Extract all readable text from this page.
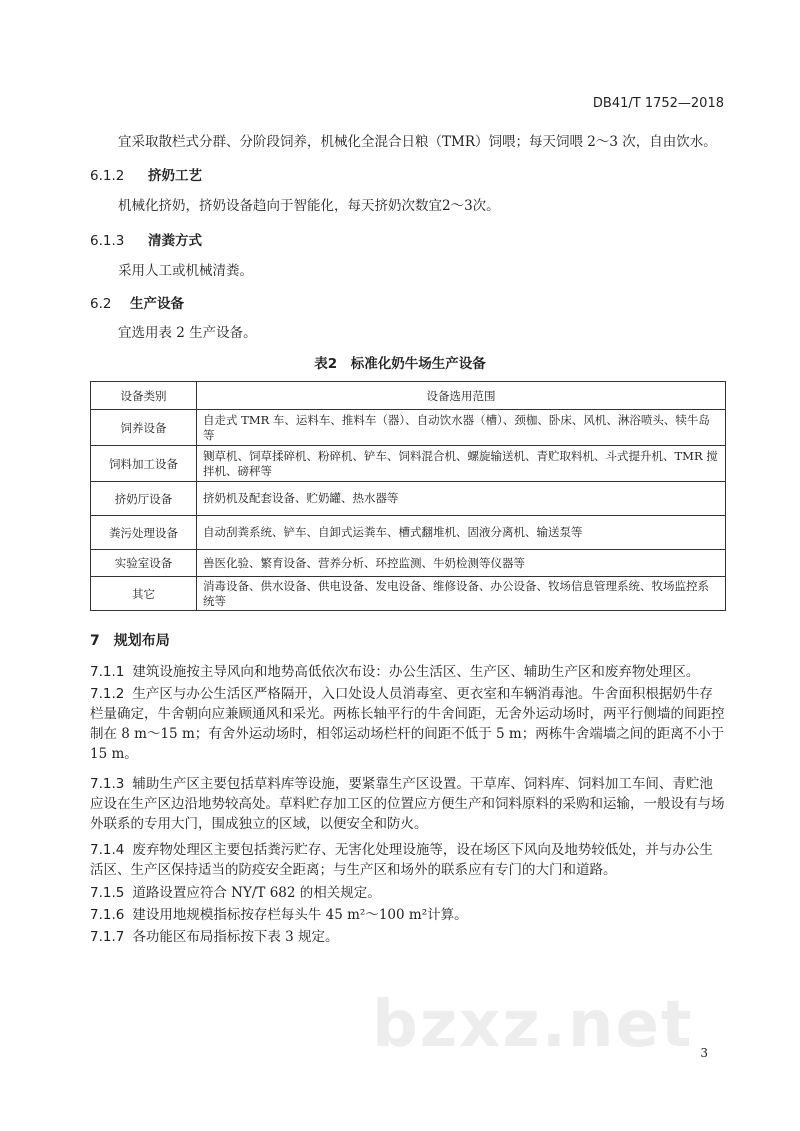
DB41/T 1752—2018
宜采取散栏式分群、分阶段饲养，机械化全混合日粮（TMR）饲喂；每天饲喂 2～3 次，自由饮水。
6.1.2 挤奶工艺
机械化挤奶，挤奶设备趋向于智能化，每天挤奶次数宜2～3次。
6.1.3 清粪方式
采用人工或机械清粪。
6.2 生产设备
宜选用表 2 生产设备。
表2　标准化奶牛场生产设备
设备类别	设备选用范围
饲养设备	自走式 TMR 车、运料车、推料车（器）、自动饮水器（槽）、颈枷、卧床、风机、淋浴喷头、犊牛岛等
饲料加工设备	铡草机、饲草揉碎机、粉碎机、铲车、饲料混合机、螺旋输送机、青贮取料机、斗式提升机、TMR 搅拌机、磅秤等
挤奶厅设备	挤奶机及配套设备、贮奶罐、热水器等
粪污处理设备	自动刮粪系统、铲车、自卸式运粪车、槽式翻堆机、固液分离机、输送泵等
实验室设备	兽医化验、繁育设备、营养分析、环控监测、牛奶检测等仪器等
其它	消毒设备、供水设备、供电设备、发电设备、维修设备、办公设备、牧场信息管理系统、牧场监控系统等
7　规划布局
7.1.1 建筑设施按主导风向和地势高低依次布设：办公生活区、生产区、辅助生产区和废弃物处理区。
7.1.2 生产区与办公生活区严格隔开，入口处设人员消毒室、更衣室和车辆消毒池。牛舍面积根据奶牛存栏量确定，牛舍朝向应兼顾通风和采光。两栋长轴平行的牛舍间距，无舍外运动场时，两平行侧墙的间距控制在 8 m～15 m；有舍外运动场时，相邻运动场栏杆的间距不低于 5 m；两栋牛舍端墙之间的距离不小于 15 m。
7.1.3 辅助生产区主要包括草料库等设施，要紧靠生产区设置。干草库、饲料库、饲料加工车间、青贮池应设在生产区边沿地势较高处。草料贮存加工区的位置应方便生产和饲料原料的采购和运输，一般设有与场外联系的专用大门，围成独立的区域，以便安全和防火。
7.1.4 废弃物处理区主要包括粪污贮存、无害化处理设施等，设在场区下风向及地势较低处，并与办公生活区、生产区保持适当的防疫安全距离；与生产区和场外的联系应有专门的大门和道路。
7.1.5 道路设置应符合 NY/T 682 的相关规定。
7.1.6 建设用地规模指标按存栏每头牛 45 m²～100 m²计算。
7.1.7 各功能区布局指标按下表 3 规定。
bzxz.net 3
